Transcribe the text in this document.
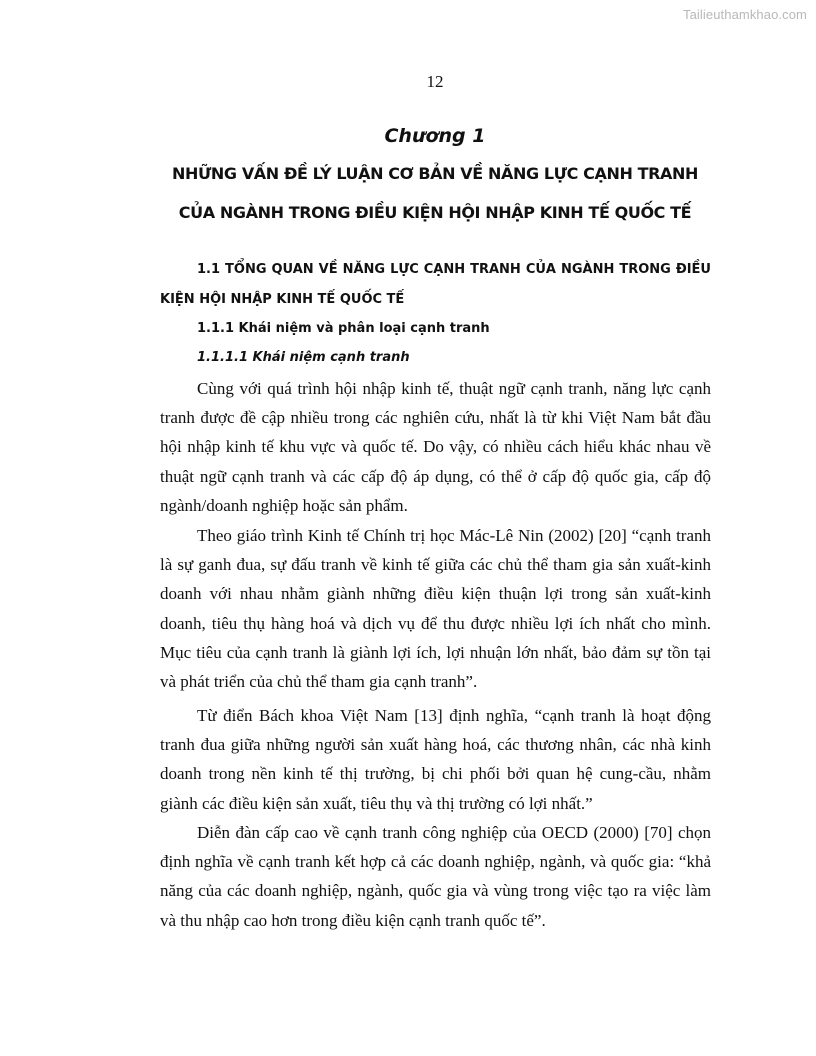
Tailieuthamkhao.com
12
Chương 1
NHỮNG VẤN ĐỀ LÝ LUẬN CƠ BẢN VỀ NĂNG LỰC CẠNH TRANH
CỦA NGÀNH TRONG ĐIỀU KIỆN HỘI NHẬP KINH TẾ QUỐC TẾ
1.1 TỔNG QUAN VỀ NĂNG LỰC CẠNH TRANH CỦA NGÀNH TRONG ĐIỀU
KIỆN HỘI NHẬP KINH TẾ QUỐC TẾ
1.1.1 Khái niệm và phân loại cạnh tranh
1.1.1.1 Khái niệm cạnh tranh

Cùng với quá trình hội nhập kinh tế, thuật ngữ cạnh tranh, năng lực cạnh tranh được đề cập nhiều trong các nghiên cứu, nhất là từ khi Việt Nam bắt đầu hội nhập kinh tế khu vực và quốc tế. Do vậy, có nhiều cách hiểu khác nhau về thuật ngữ cạnh tranh và các cấp độ áp dụng, có thể ở cấp độ quốc gia, cấp độ ngành/doanh nghiệp hoặc sản phẩm.

Theo giáo trình Kinh tế Chính trị học Mác-Lê Nin (2002) [20] “cạnh tranh là sự ganh đua, sự đấu tranh về kinh tế giữa các chủ thể tham gia sản xuất-kinh doanh với nhau nhằm giành những điều kiện thuận lợi trong sản xuất-kinh doanh, tiêu thụ hàng hoá và dịch vụ để thu được nhiều lợi ích nhất cho mình. Mục tiêu của cạnh tranh là giành lợi ích, lợi nhuận lớn nhất, bảo đảm sự tồn tại và phát triển của chủ thể tham gia cạnh tranh”.

Từ điển Bách khoa Việt Nam [13] định nghĩa, “cạnh tranh là hoạt động tranh đua giữa những người sản xuất hàng hoá, các thương nhân, các nhà kinh doanh trong nền kinh tế thị trường, bị chi phối bởi quan hệ cung-cầu, nhằm giành các điều kiện sản xuất, tiêu thụ và thị trường có lợi nhất.”

Diễn đàn cấp cao về cạnh tranh công nghiệp của OECD (2000) [70] chọn định nghĩa về cạnh tranh kết hợp cả các doanh nghiệp, ngành, và quốc gia: “khả năng của các doanh nghiệp, ngành, quốc gia và vùng trong việc tạo ra việc làm và thu nhập cao hơn trong điều kiện cạnh tranh quốc tế”.
